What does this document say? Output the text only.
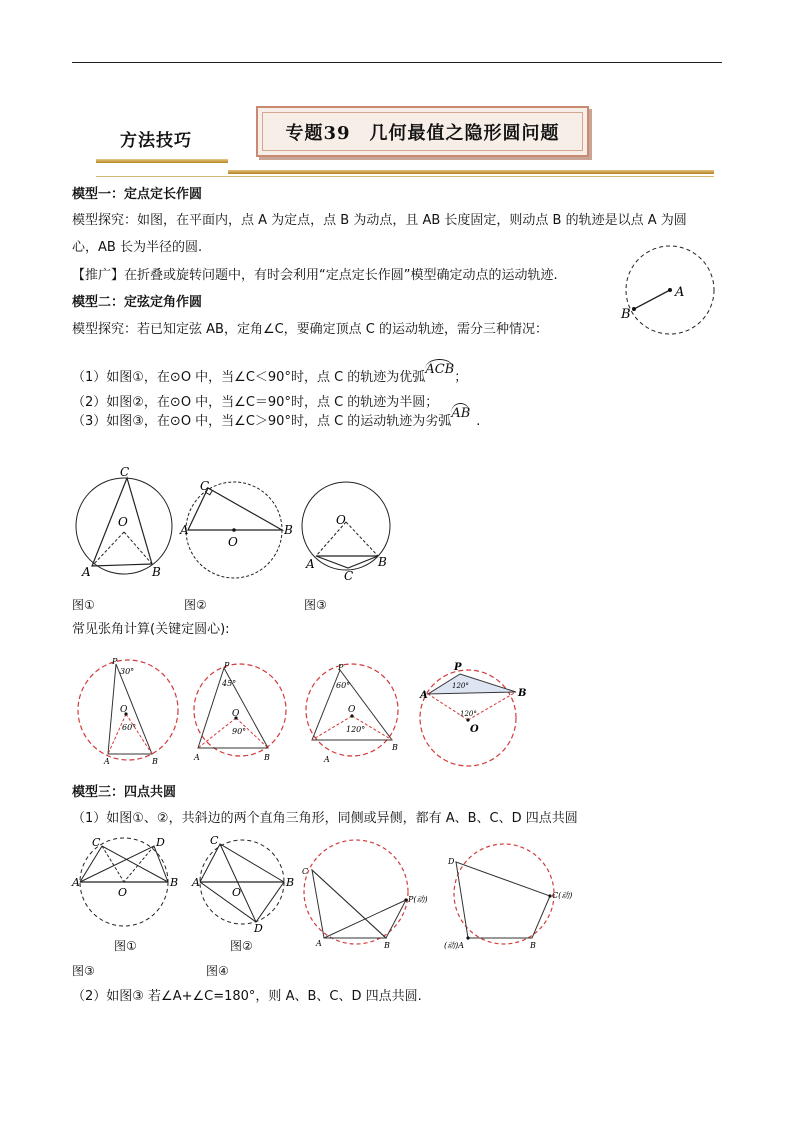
方法技巧	专题39　几何最值之隐形圆问题
模型一：定点定长作圆
模型探究：如图，在平面内，点 A 为定点，点 B 为动点，且 AB 长度固定，则动点 B 的轨迹是以点 A 为圆
心，AB 长为半径的圆.
【推广】在折叠或旋转问题中，有时会利用“定点定长作圆”模型确定动点的运动轨迹.
A
B
模型二：定弦定角作圆
模型探究：若已知定弦 AB，定角∠C，要确定顶点 C 的运动轨迹，需分三种情况：
（1）如图①，在⊙O 中，当∠C＜90°时，点 C 的轨迹为优弧ACB；
（2）如图②，在⊙O 中，当∠C＝90°时，点 C 的轨迹为半圆；
（3）如图③，在⊙O 中，当∠C＞90°时，点 C 的运动轨迹为劣弧AB.
C
O
A	B
C
A	B
O
O
A	B
C
图①	图②	图③
常见张角计算(关键定圆心):
P
30°
O
60°
A	B
P
45°
O
90°
A	B
P
60°
O
120°
A
B
P
120°
A	B
120°
O
模型三：四点共圆
（1）如图①、②，共斜边的两个直角三角形，同侧或异侧，都有 A、B、C、D 四点共圆
C	D
A	B
O
C
D
A	B
O
C
P(动)
A	B
D
C(动)
(动)A	B
图①	图②
图③	图④
（2）如图③ 若∠A+∠C=180°，则 A、B、C、D 四点共圆.
